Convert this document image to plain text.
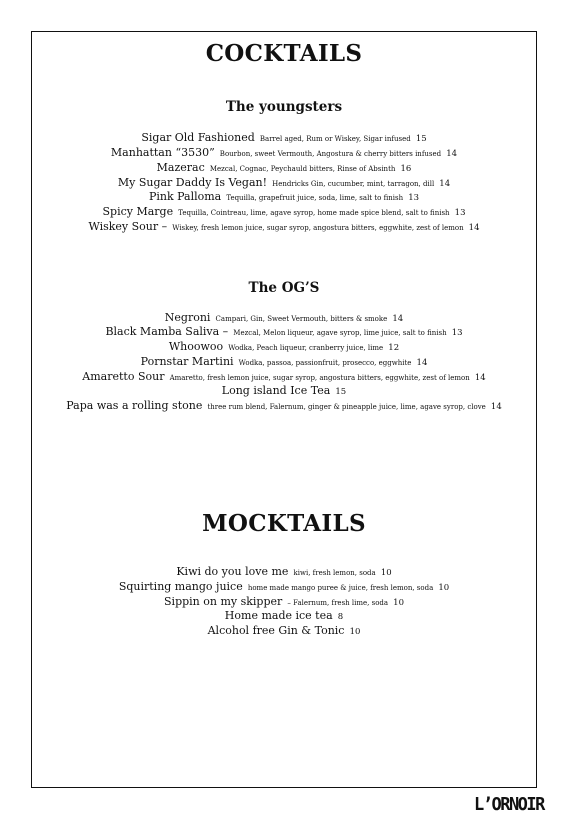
COCKTAILS
The youngsters
Sigar Old Fashioned Barrel aged, Rum or Wiskey, Sigar infused 15
Manhattan “3530” Bourbon, sweet Vermouth, Angostura & cherry bitters infused 14
Mazerac Mezcal, Cognac, Peychauld bitters, Rinse of Absinth 16
My Sugar Daddy Is Vegan! Hendricks Gin, cucumber, mint, tarragon, dill 14
Pink Palloma Tequilla, grapefruit juice, soda, lime, salt to finish 13
Spicy Marge Tequilla, Cointreau, lime, agave syrop, home made spice blend, salt to finish 13
Wiskey Sour – Wiskey, fresh lemon juice, sugar syrop, angostura bitters, eggwhite, zest of lemon 14
The OG’S
Negroni Campari, Gin, Sweet Vermouth, bitters & smoke 14
Black Mamba Saliva – Mezcal, Melon liqueur, agave syrop, lime juice, salt to finish 13
Whoowoo Wodka, Peach liqueur, cranberry juice, lime 12
Pornstar Martini Wodka, passoa, passionfruit, prosecco, eggwhite 14
Amaretto Sour Amaretto, fresh lemon juice, sugar syrop, angostura bitters, eggwhite, zest of lemon 14
Long island Ice Tea 15
Papa was a rolling stone three rum blend, Falernum, ginger & pineapple juice, lime, agave syrop, clove 14
MOCKTAILS
Kiwi do you love me kiwi, fresh lemon, soda 10
Squirting mango juice home made mango puree & juice, fresh lemon, soda 10
Sippin on my skipper – Falernum, fresh lime, soda 10
Home made ice tea 8
Alcohol free Gin & Tonic 10
L’ORNOIR
